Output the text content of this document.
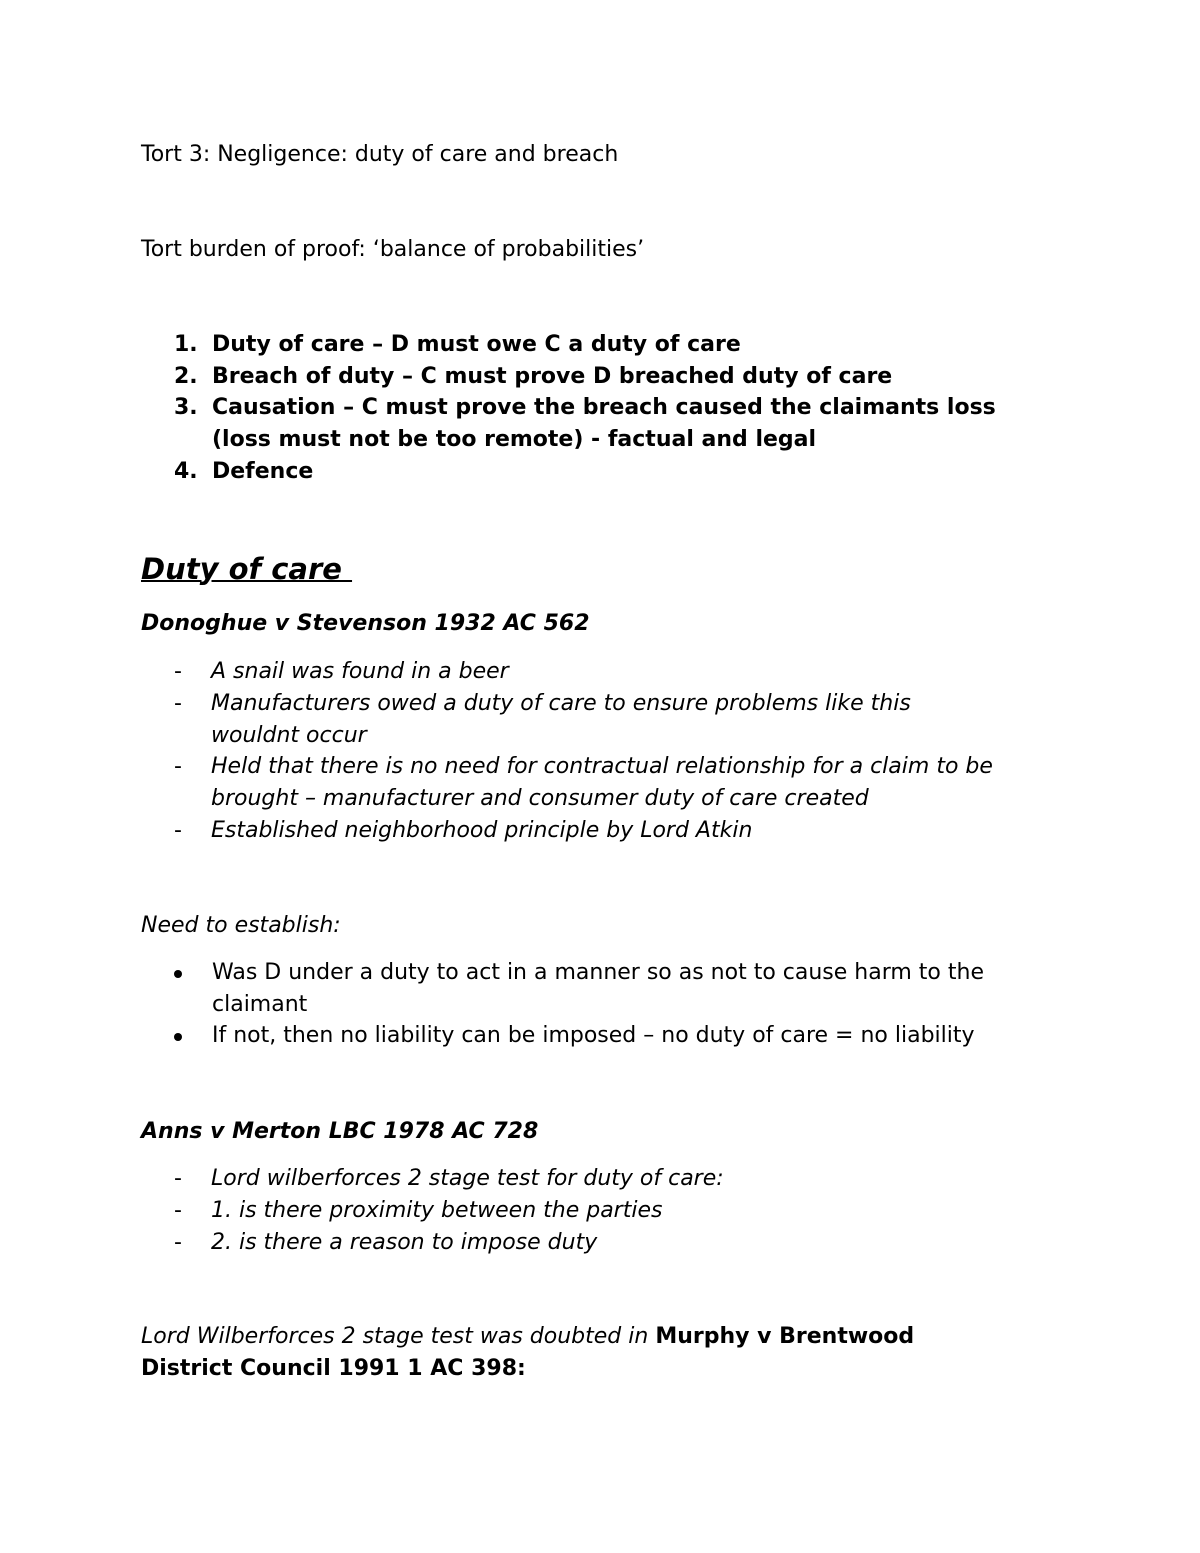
Tort 3: Negligence: duty of care and breach
Tort burden of proof: ‘balance of probabilities’
1. Duty of care – D must owe C a duty of care
2. Breach of duty – C must prove D breached duty of care
3. Causation – C must prove the breach caused the claimants loss
(loss must not be too remote) - factual and legal
4. Defence
Duty of care
Donoghue v Stevenson 1932 AC 562
- A snail was found in a beer
- Manufacturers owed a duty of care to ensure problems like this
wouldnt occur
- Held that there is no need for contractual relationship for a claim to be
brought – manufacturer and consumer duty of care created
- Established neighborhood principle by Lord Atkin
Need to establish:
Was D under a duty to act in a manner so as not to cause harm to the
claimant
If not, then no liability can be imposed – no duty of care = no liability
Anns v Merton LBC 1978 AC 728
- Lord wilberforces 2 stage test for duty of care:
- 1. is there proximity between the parties
- 2. is there a reason to impose duty
Lord Wilberforces 2 stage test was doubted in Murphy v Brentwood
District Council 1991 1 AC 398:
